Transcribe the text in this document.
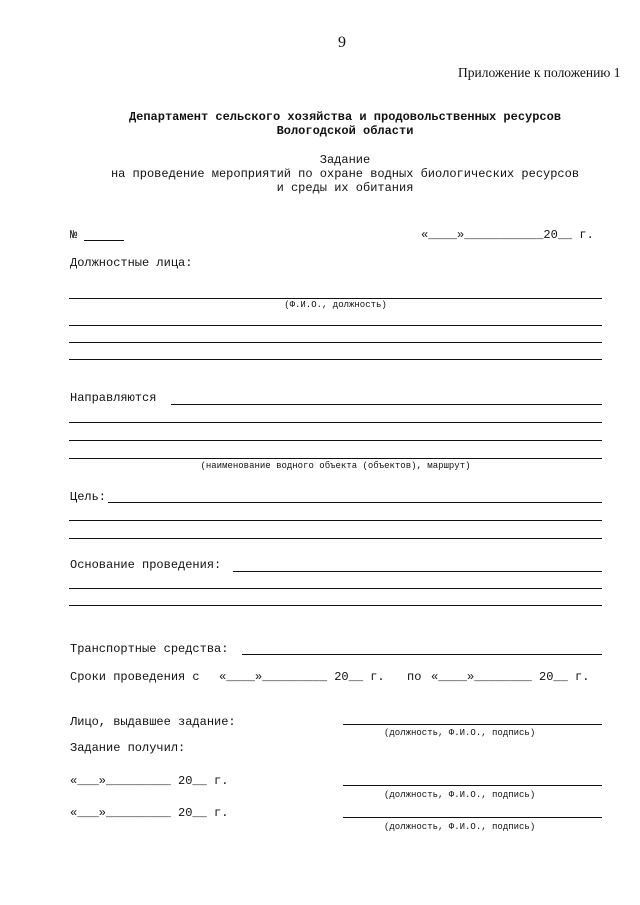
9
Приложение к положению 1
Департамент сельского хозяйства и продовольственных ресурсов
Вологодской области
Задание
на проведение мероприятий по охране водных биологических ресурсов
и среды их обитания
№	«____»___________20__ г.
Должностные лица:
(Ф.И.О., должность)
Направляются
(наименование водного объекта (объектов), маршрут)
Цель:
Основание проведения:
Транспортные средства:
Сроки проведения с «____»_________ 20__ г. по «____»________ 20__ г.
Лицо, выдавшее задание:
(должность, Ф.И.О., подпись)
Задание получил:
«___»_________ 20__ г.
(должность, Ф.И.О., подпись)
«___»_________ 20__ г.
(должность, Ф.И.О., подпись)
